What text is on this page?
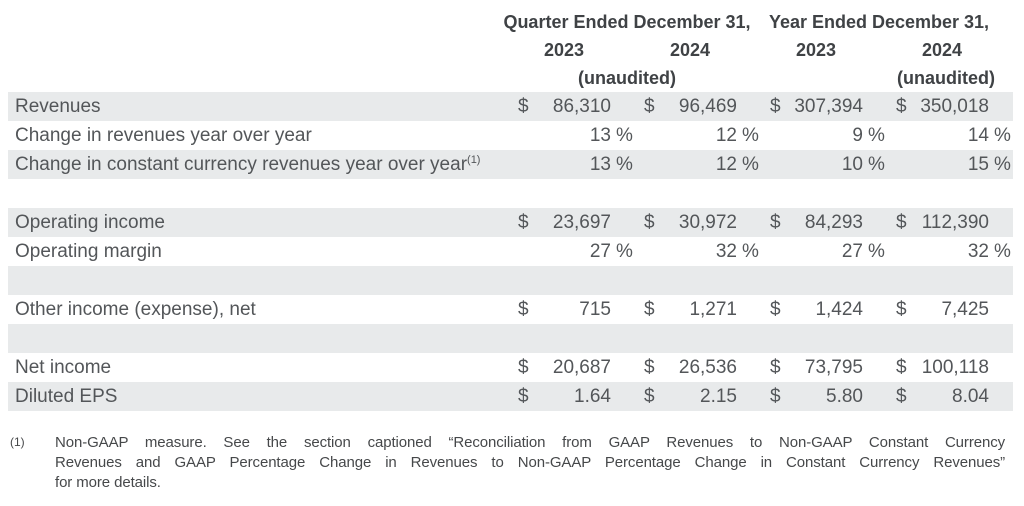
Quarter Ended December 31,	Year Ended December 31,
2023	2024	2023	2024
(unaudited)	(unaudited)
Revenues	$	86,310	$	96,469	$ 307,394	$ 350,018
Change in revenues year over year	13 %	12 %	9 %	14 %
Change in constant currency revenues year over year$^{(1)}$	13 %	12 %	10 %	15 %
Operating income	$	23,697	$	30,972	$	84,293	$ 112,390
Operating margin	27 %	32 %	27 %	32 %
Other income (expense), net	$	715	$	1,271	$	1,424	$	7,425
Net income	$	20,687	$	26,536	$	73,795	$ 100,118
Diluted EPS	$	1.64	$	2.15	$	5.80	$	8.04
(1)	Non-GAAP measure. See the section captioned “Reconciliation from GAAP Revenues to Non-GAAP Constant Currency
Revenues and GAAP Percentage Change in Revenues to Non-GAAP Percentage Change in Constant Currency Revenues”
for more details.
